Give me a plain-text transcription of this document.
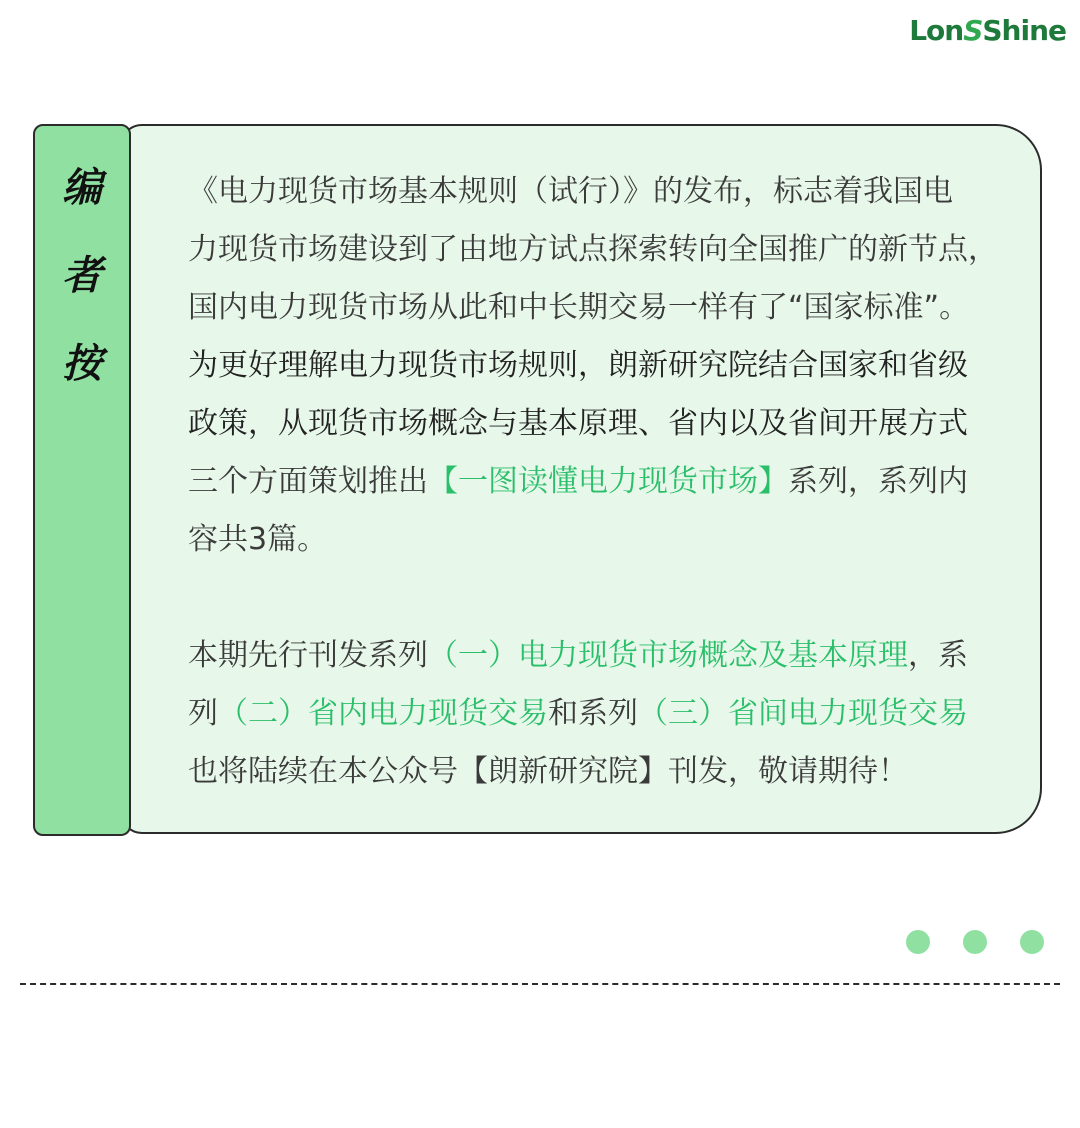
LonSShine
编
者
按
《电力现货市场基本规则（试行）》的发布，标志着我国电
力现货市场建设到了由地方试点探索转向全国推广的新节点，
国内电力现货市场从此和中长期交易一样有了“国家标准”。
为更好理解电力现货市场规则，朗新研究院结合国家和省级
政策，从现货市场概念与基本原理、省内以及省间开展方式
三个方面策划推出【一图读懂电力现货市场】系列，系列内
容共3篇。
本期先行刊发系列（一）电力现货市场概念及基本原理，系
列（二）省内电力现货交易和系列（三）省间电力现货交易
也将陆续在本公众号【朗新研究院】刊发，敬请期待！
